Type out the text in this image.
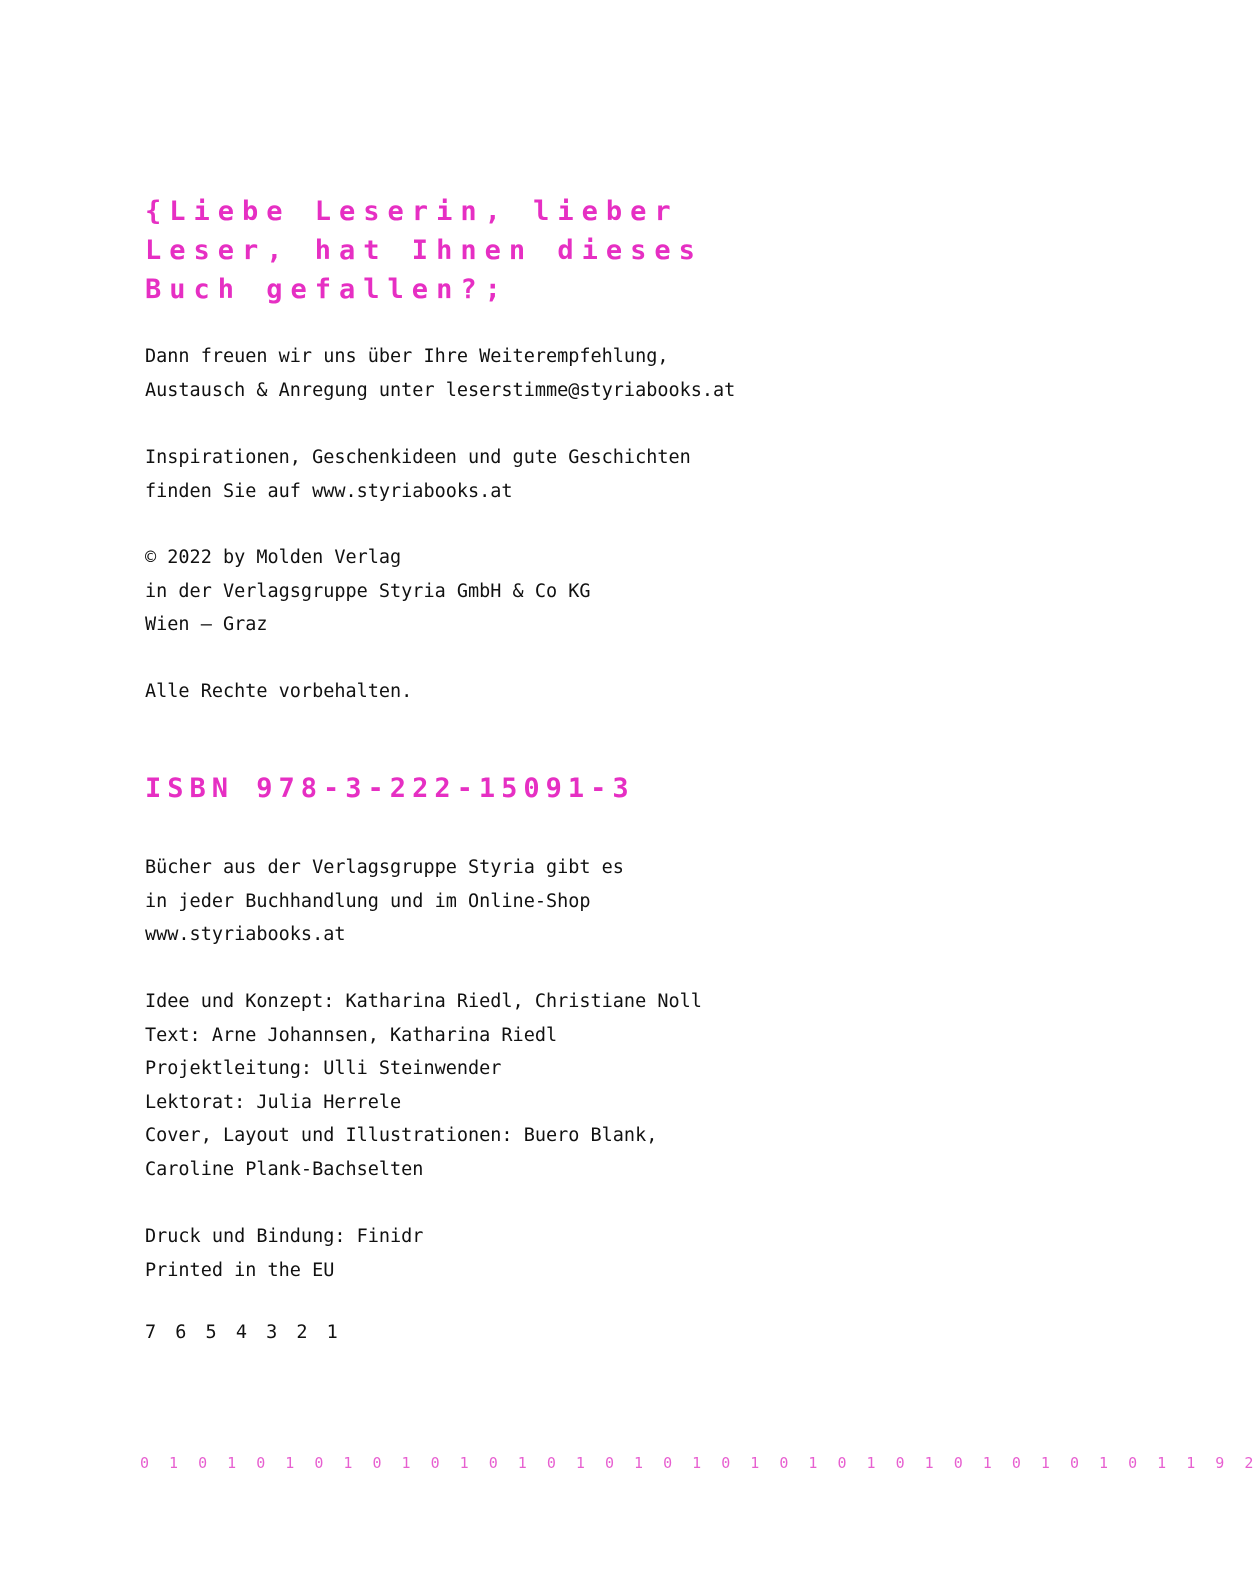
{Liebe Leserin, lieber
Leser, hat Ihnen dieses
Buch gefallen?;
Dann freuen wir uns über Ihre Weiterempfehlung,
Austausch & Anregung unter leserstimme@styriabooks.at
Inspirationen, Geschenkideen und gute Geschichten
finden Sie auf www.styriabooks.at
© 2022 by Molden Verlag
in der Verlagsgruppe Styria GmbH & Co KG
Wien – Graz
Alle Rechte vorbehalten.
ISBN 978-3-222-15091-3
Bücher aus der Verlagsgruppe Styria gibt es
in jeder Buchhandlung und im Online-Shop
www.styriabooks.at
Idee und Konzept: Katharina Riedl, Christiane Noll
Text: Arne Johannsen, Katharina Riedl
Projektleitung: Ulli Steinwender
Lektorat: Julia Herrele
Cover, Layout und Illustrationen: Buero Blank,
Caroline Plank-Bachselten
Druck und Bindung: Finidr
Printed in the EU
7 6 5 4 3 2 1
0 1 0 1 0 1 0 1 0 1 0 1 0 1 0 1 0 1 0 1 0 1 0 1 0 1 0 1 0 1 0 1 0 1 0 1 1 9 2
